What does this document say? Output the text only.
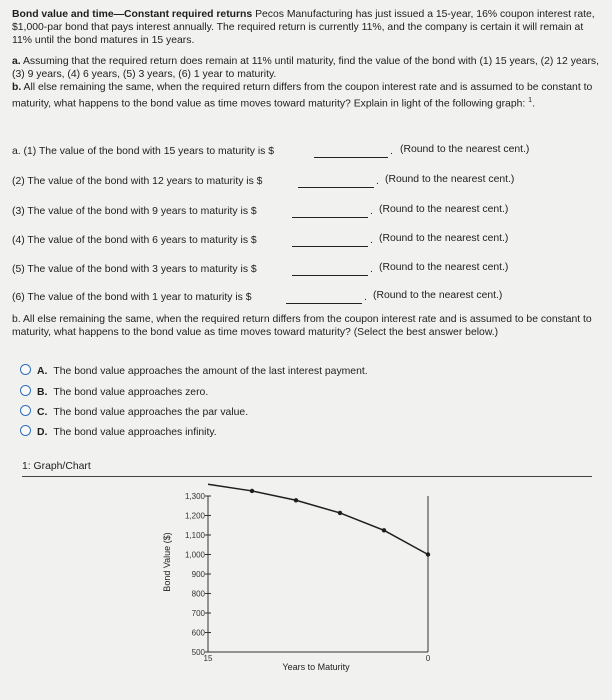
Bond value and time—Constant required returns Pecos Manufacturing has just issued a 15-year, 16% coupon interest rate, $1,000-par bond that pays interest annually. The required return is currently 11%, and the company is certain it will remain at 11% until the bond matures in 15 years.
a. Assuming that the required return does remain at 11% until maturity, find the value of the bond with (1) 15 years, (2) 12 years, (3) 9 years, (4) 6 years, (5) 3 years, (6) 1 year to maturity.
b. All else remaining the same, when the required return differs from the coupon interest rate and is assumed to be constant to maturity, what happens to the bond value as time moves toward maturity? Explain in light of the following graph: $^1$.
a. (1) The value of the bond with 15 years to maturity is $	. (Round to the nearest cent.)
(2) The value of the bond with 12 years to maturity is $	. (Round to the nearest cent.)
(3) The value of the bond with 9 years to maturity is $	. (Round to the nearest cent.)
(4) The value of the bond with 6 years to maturity is $	. (Round to the nearest cent.)
(5) The value of the bond with 3 years to maturity is $	. (Round to the nearest cent.)
(6) The value of the bond with 1 year to maturity is $	. (Round to the nearest cent.)
b. All else remaining the same, when the required return differs from the coupon interest rate and is assumed to be constant to maturity, what happens to the bond value as time moves toward maturity? (Select the best answer below.)
A. The bond value approaches the amount of the last interest payment.
B. The bond value approaches zero.
C. The bond value approaches the par value.
D. The bond value approaches infinity.
1: Graph/Chart
1,300
1,200
1,100
1,000
900
800
700
600
500
15	0
Bond Value ($)
Years to Maturity
